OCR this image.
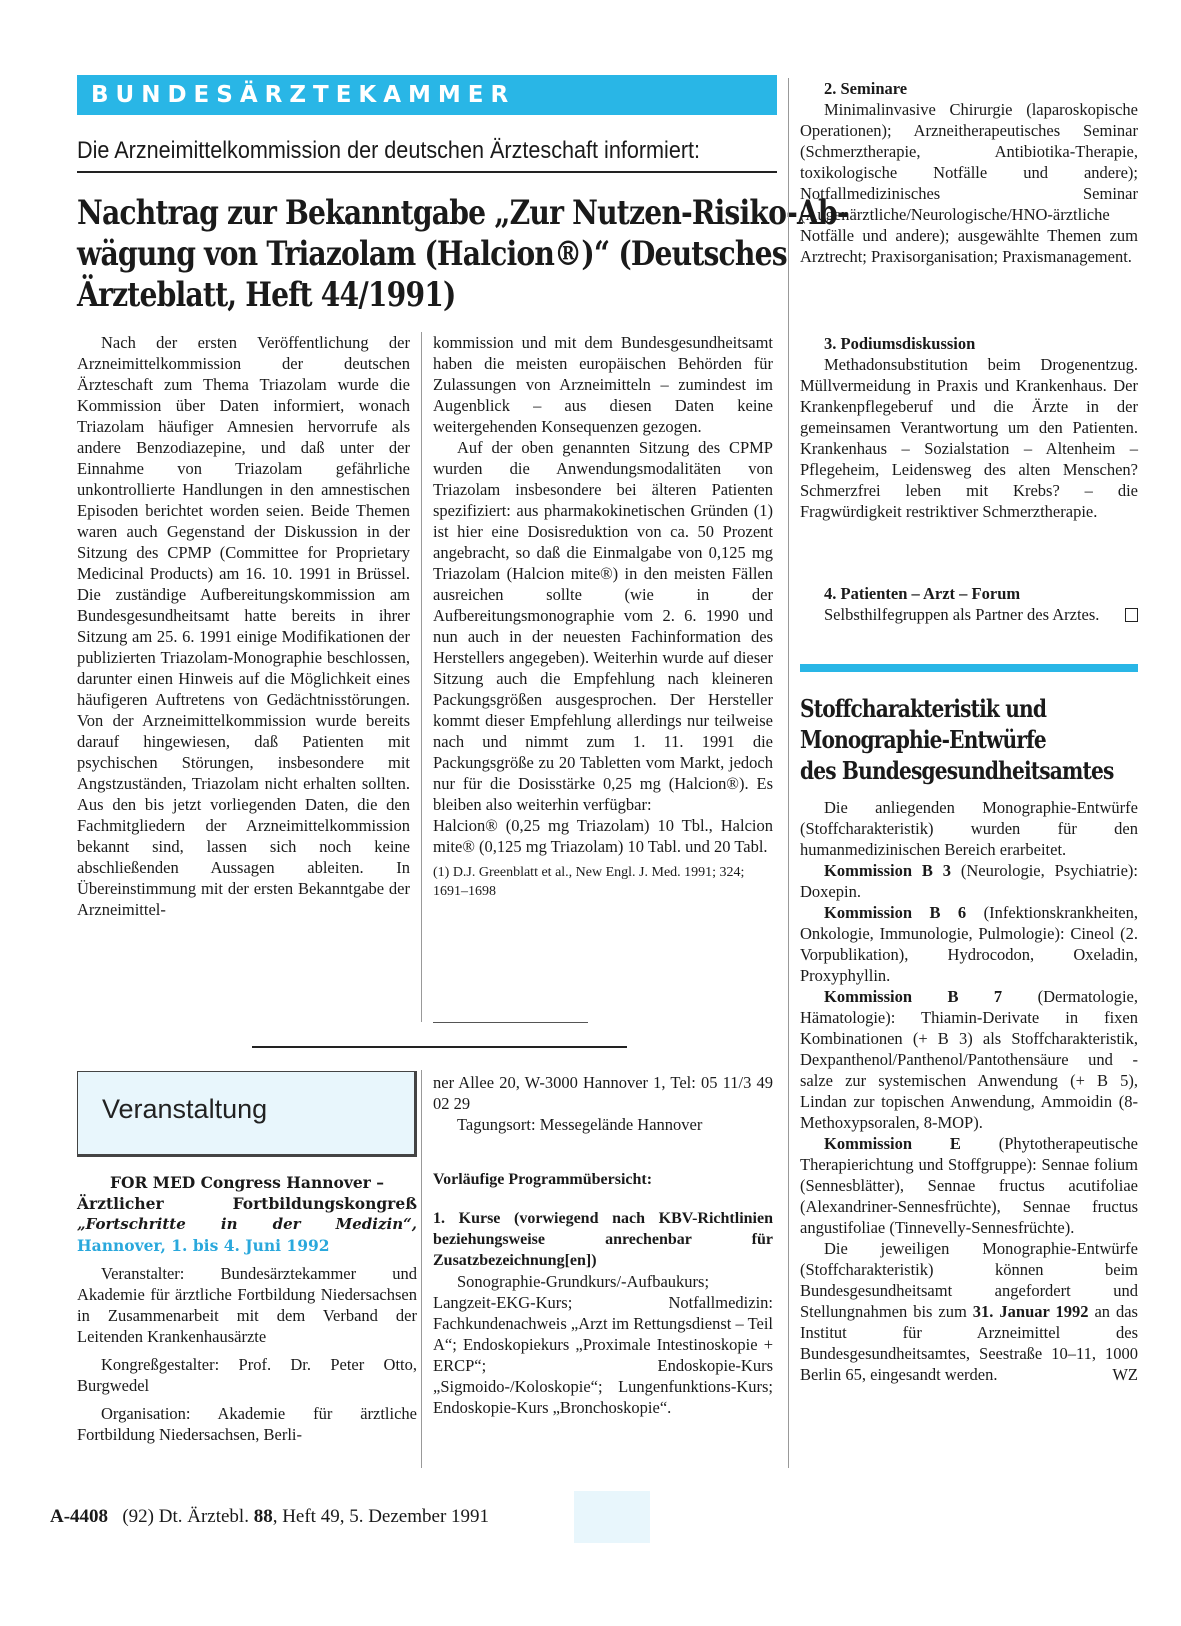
BUNDESÄRZTEKAMMER
Die Arzneimittelkommission der deutschen Ärzteschaft informiert:
Nachtrag zur Bekanntgabe „Zur Nutzen-Risiko-Ab-
wägung von Triazolam (Halcion®)“ (Deutsches
Ärzteblatt, Heft 44/1991)

Nach der ersten Veröffentlichung der Arzneimittelkommission der deutschen Ärzteschaft zum Thema Triazolam wurde die Kommission über Daten informiert, wonach Triazolam häufiger Amnesien hervorrufe als andere Benzodiazepine, und daß unter der Einnahme von Triazolam gefährliche unkontrollierte Handlungen in den amnestischen Episoden berichtet worden seien. Beide Themen waren auch Gegenstand der Diskussion in der Sitzung des CPMP (Committee for Proprietary Medicinal Products) am 16. 10. 1991 in Brüssel. Die zuständige Aufbereitungskommission am Bundesgesundheitsamt hatte bereits in ihrer Sitzung am 25. 6. 1991 einige Modifikationen der publizierten Triazolam-Monographie beschlossen, darunter einen Hinweis auf die Möglichkeit eines häufigeren Auftretens von Gedächtnisstörungen. Von der Arzneimittelkommission wurde bereits darauf hingewiesen, daß Patienten mit psychischen Störungen, insbesondere mit Angstzuständen, Triazolam nicht erhalten sollten. Aus den bis jetzt vorliegenden Daten, die den Fachmitgliedern der Arzneimittelkommission bekannt sind, lassen sich noch keine abschließenden Aussagen ableiten. In Übereinstimmung mit der ersten Bekanntgabe der Arzneimittel-

kommission und mit dem Bundesgesundheitsamt haben die meisten europäischen Behörden für Zulassungen von Arzneimitteln – zumindest im Augenblick – aus diesen Daten keine weitergehenden Konsequenzen gezogen.

Auf der oben genannten Sitzung des CPMP wurden die Anwendungsmodalitäten von Triazolam insbesondere bei älteren Patienten spezifiziert: aus pharmakokinetischen Gründen (1) ist hier eine Dosisreduktion von ca. 50 Prozent angebracht, so daß die Einmalgabe von 0,125 mg Triazolam (Halcion mite®) in den meisten Fällen ausreichen sollte (wie in der Aufbereitungsmonographie vom 2. 6. 1990 und nun auch in der neuesten Fachinformation des Herstellers angegeben). Weiterhin wurde auf dieser Sitzung auch die Empfehlung nach kleineren Packungsgrößen ausgesprochen. Der Hersteller kommt dieser Empfehlung allerdings nur teilweise nach und nimmt zum 1. 11. 1991 die Packungsgröße zu 20 Tabletten vom Markt, jedoch nur für die Dosisstärke 0,25 mg (Halcion®). Es bleiben also weiterhin verfügbar:

Halcion® (0,25 mg Triazolam) 10 Tbl., Halcion mite® (0,125 mg Triazolam) 10 Tabl. und 20 Tabl.

(1) D.J. Greenblatt et al., New Engl. J. Med. 1991; 324; 1691–1698

Veranstaltung
FOR MED Congress Hannover –
Ärztlicher	Fortbildungskongreß
„Fortschritte in der Medizin“,
Hannover, 1. bis 4. Juni 1992

Veranstalter: Bundesärztekammer und Akademie für ärztliche Fortbildung Niedersachsen in Zusammenarbeit mit dem Verband der Leitenden Krankenhausärzte

Kongreßgestalter: Prof. Dr. Peter Otto, Burgwedel

Organisation: Akademie für ärztliche Fortbildung Niedersachsen, Berli-

ner Allee 20, W-3000 Hannover 1, Tel: 05 11/3 49 02 29

Tagungsort: Messegelände Hannover

Vorläufige Programmübersicht:

1. Kurse (vorwiegend nach KBV-Richtlinien beziehungsweise anrechenbar für Zusatzbezeichnung[en])

Sonographie-Grundkurs/-Aufbaukurs; Langzeit-EKG-Kurs; Notfallmedizin: Fachkundenachweis „Arzt im Rettungsdienst – Teil A“; Endoskopiekurs „Proximale Intestinoskopie + ERCP“; Endoskopie-Kurs „Sigmoido-/Koloskopie“; Lungenfunktions-Kurs; Endoskopie-Kurs „Bronchoskopie“.

2. Seminare

Minimalinvasive Chirurgie (laparoskopische Operationen); Arzneitherapeutisches Seminar (Schmerztherapie, Antibiotika-Therapie, toxikologische Notfälle und andere); Notfallmedizinisches Seminar (Augenärztliche/Neurologische/HNO-ärztliche Notfälle und andere); ausgewählte Themen zum Arztrecht; Praxisorganisation; Praxismanagement.

3. Podiumsdiskussion

Methadonsubstitution beim Drogenentzug. Müllvermeidung in Praxis und Krankenhaus. Der Krankenpflegeberuf und die Ärzte in der gemeinsamen Verantwortung um den Patienten. Krankenhaus – Sozialstation – Altenheim – Pflegeheim, Leidensweg des alten Menschen? Schmerzfrei leben mit Krebs? – die Fragwürdigkeit restriktiver Schmerztherapie.

4. Patienten – Arzt – Forum

Selbsthilfegruppen als Partner des Arztes.

Stoffcharakteristik und
Monographie-Entwürfe
des Bundesgesundheitsamtes

Die anliegenden Monographie-Entwürfe (Stoffcharakteristik) wurden für den humanmedizinischen Bereich erarbeitet.

Kommission B 3 (Neurologie, Psychiatrie): Doxepin.

Kommission B 6 (Infektionskrankheiten, Onkologie, Immunologie, Pulmologie): Cineol (2. Vorpublikation), Hydrocodon, Oxeladin, Proxyphyllin.

Kommission B 7 (Dermatologie, Hämatologie): Thiamin-Derivate in fixen Kombinationen (+ B 3) als Stoffcharakteristik, Dexpanthenol/Panthenol/Pantothensäure und -salze zur systemischen Anwendung (+ B 5), Lindan zur topischen Anwendung, Ammoidin (8-Methoxypsoralen, 8-MOP).

Kommission E (Phytotherapeutische Therapierichtung und Stoffgruppe): Sennae folium (Sennesblätter), Sennae fructus acutifoliae (Alexandriner-Sennesfrüchte), Sennae fructus angustifoliae (Tinnevelly-Sennesfrüchte).

Die jeweiligen Monographie-Entwürfe (Stoffcharakteristik) können beim Bundesgesundheitsamt angefordert und Stellungnahmen bis zum 31. Januar 1992 an das Institut für Arzneimittel des Bundesgesundheitsamtes, Seestraße 10–11, 1000 Berlin 65, eingesandt werden.	WZ

A-4408 (92) Dt. Ärztebl. 88, Heft 49, 5. Dezember 1991
